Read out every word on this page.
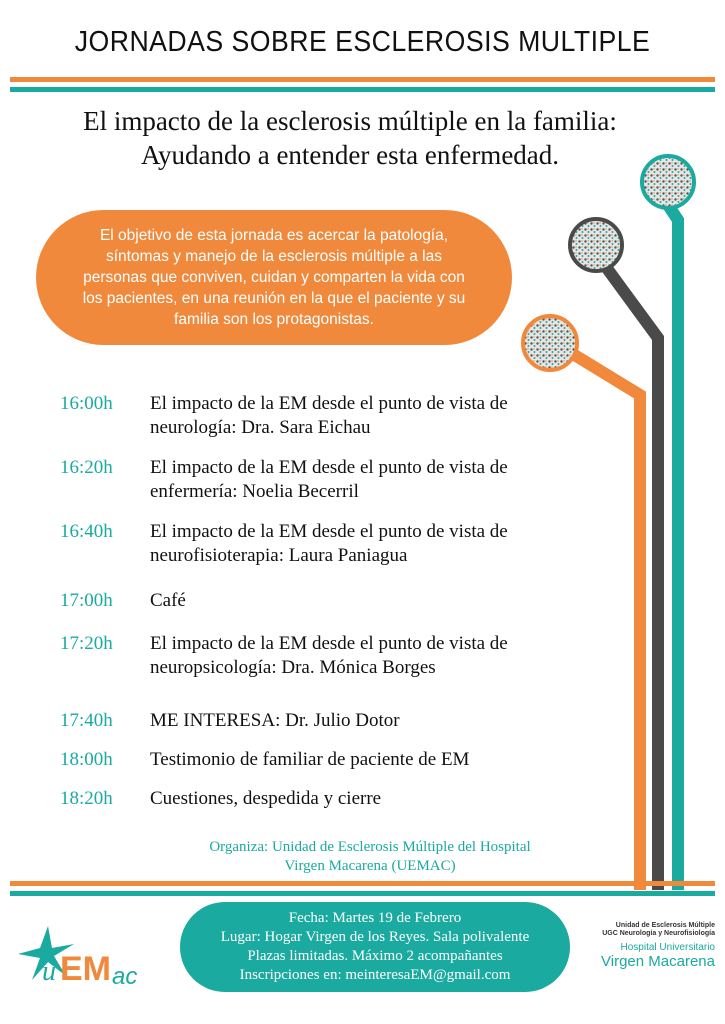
JORNADAS SOBRE ESCLEROSIS MULTIPLE
El impacto de la esclerosis múltiple en la familia:
Ayudando a entender esta enfermedad.
El objetivo de esta jornada es acercar la patología,
síntomas y manejo de la esclerosis múltiple a las
personas que conviven, cuidan y comparten la vida con
los pacientes, en una reunión en la que el paciente y su
familia son los protagonistas.
16:00h	El impacto de la EM desde el punto de vista de
neurología: Dra. Sara Eichau
16:20h	El impacto de la EM desde el punto de vista de
enfermería: Noelia Becerril
16:40h	El impacto de la EM desde el punto de vista de
neurofisioterapia: Laura Paniagua
17:00h	Café
17:20h	El impacto de la EM desde el punto de vista de
neuropsicología: Dra. Mónica Borges
17:40h	ME INTERESA: Dr. Julio Dotor
18:00h	Testimonio de familiar de paciente de EM
18:20h	Cuestiones, despedida y cierre
Organiza: Unidad de Esclerosis Múltiple del Hospital
Virgen Macarena (UEMAC)
Fecha: Martes 19 de Febrero
Lugar: Hogar Virgen de los Reyes. Sala polivalente
Plazas limitadas. Máximo 2 acompañantes
Inscripciones en: meinteresaEM@gmail.com
u EM ac
Unidad de Esclerosis Múltiple
UGC Neurología y Neurofisiología
Hospital Universitario
Virgen Macarena
